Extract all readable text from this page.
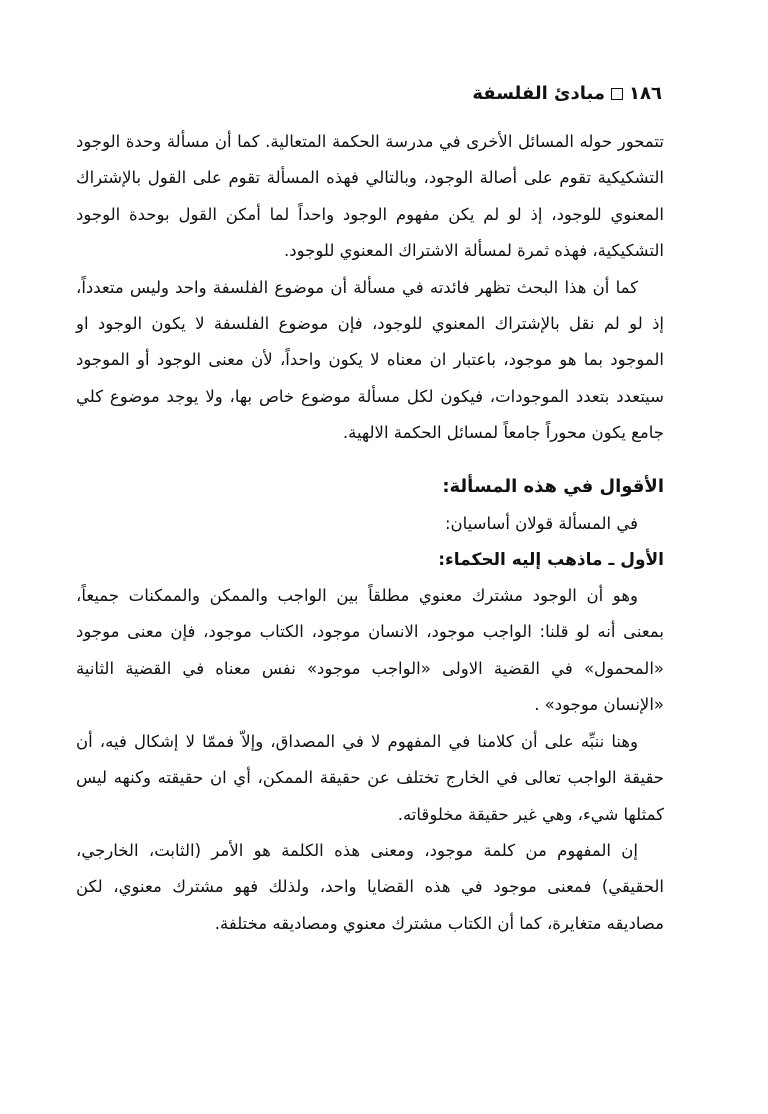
١٨٦
مبادئ الفلسفة

تتمحور حوله المسائل الأخرى في مدرسة الحكمة المتعالية. كما أن مسألة وحدة الوجود التشكيكية تقوم على أصالة الوجود، وبالتالي فهذه المسألة تقوم على القول بالإشتراك المعنوي للوجود، إذ لو لم يكن مفهوم الوجود واحداً لما أمكن القول بوحدة الوجود التشكيكية، فهذه ثمرة لمسألة الاشتراك المعنوي للوجود.

كما أن هذا البحث تظهر فائدته في مسألة أن موضوع الفلسفة واحد وليس متعدداً، إذ لو لم نقل بالإشتراك المعنوي للوجود، فإن موضوع الفلسفة لا يكون الوجود او الموجود بما هو موجود، باعتبار ان معناه لا يكون واحداً، لأن معنى الوجود أو الموجود سيتعدد بتعدد الموجودات، فيكون لكل مسألة موضوع خاص بها، ولا يوجد موضوع كلي جامع يكون محوراً جامعاً لمسائل الحكمة الالهية.

الأقوال في هذه المسألة:

في المسألة قولان أساسيان:

الأول ـ ماذهب إليه الحكماء:

وهو أن الوجود مشترك معنوي مطلقاً بين الواجب والممكن والممكنات جميعاً، بمعنى أنه لو قلنا: الواجب موجود، الانسان موجود، الكتاب موجود، فإن معنى موجود «المحمول» في القضية الاولى «الواجب موجود» نفس معناه في القضية الثانية «الإنسان موجود» .

وهنا ننبِّه على أن كلامنا في المفهوم لا في المصداق، وإلاّ فممّا لا إشكال فيه، أن حقيقة الواجب تعالى في الخارج تختلف عن حقيقة الممكن، أي ان حقيقته وكنهه ليس كمثلها شيء، وهي غير حقيقة مخلوقاته.

إن المفهوم من كلمة موجود، ومعنى هذه الكلمة هو الأمر (الثابت، الخارجي، الحقيقي) فمعنى موجود في هذه القضايا واحد، ولذلك فهو مشترك معنوي، لكن مصاديقه متغايرة، كما أن الكتاب مشترك معنوي ومصاديقه مختلفة.
